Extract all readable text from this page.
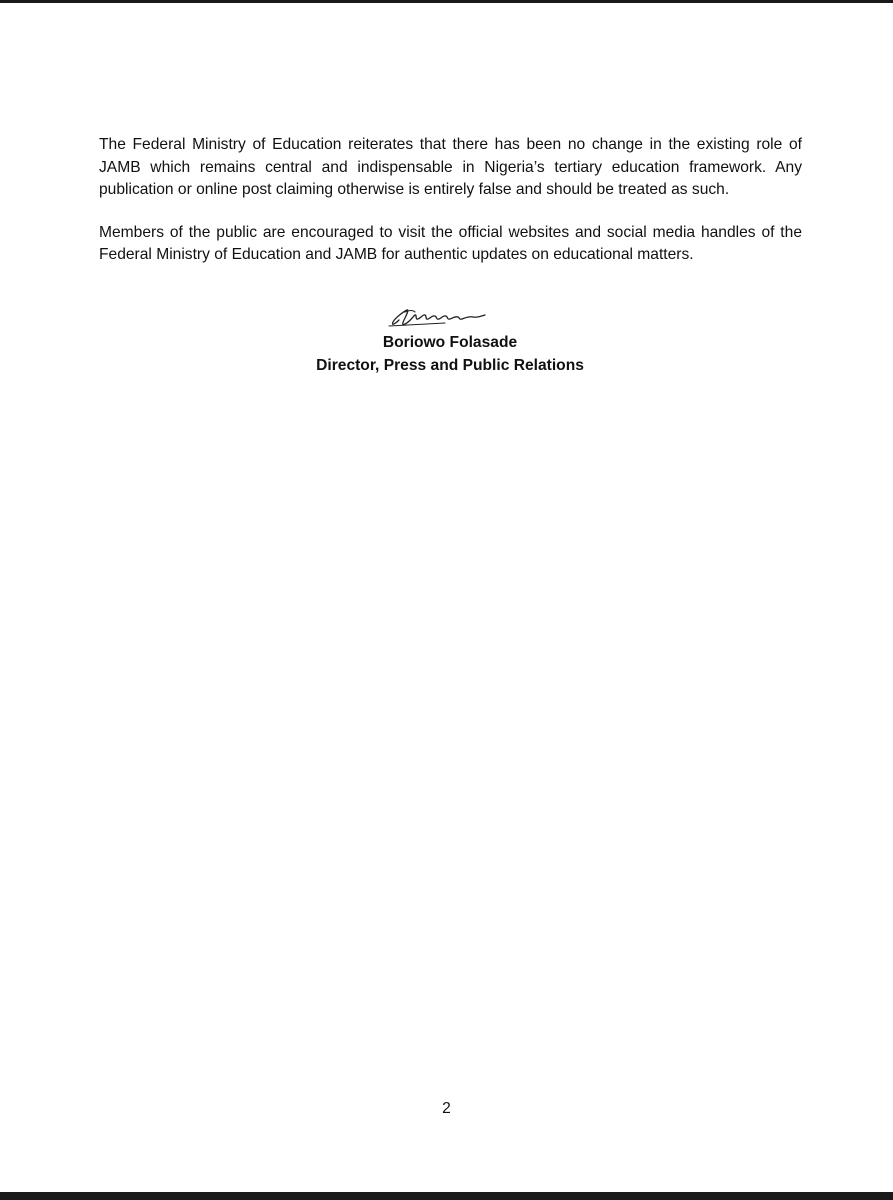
The Federal Ministry of Education reiterates that there has been no change in the existing role of JAMB which remains central and indispensable in Nigeria’s tertiary education framework. Any publication or online post claiming otherwise is entirely false and should be treated as such.

Members of the public are encouraged to visit the official websites and social media handles of the Federal Ministry of Education and JAMB for authentic updates on educational matters.

Boriowo Folasade
Director, Press and Public Relations
2
